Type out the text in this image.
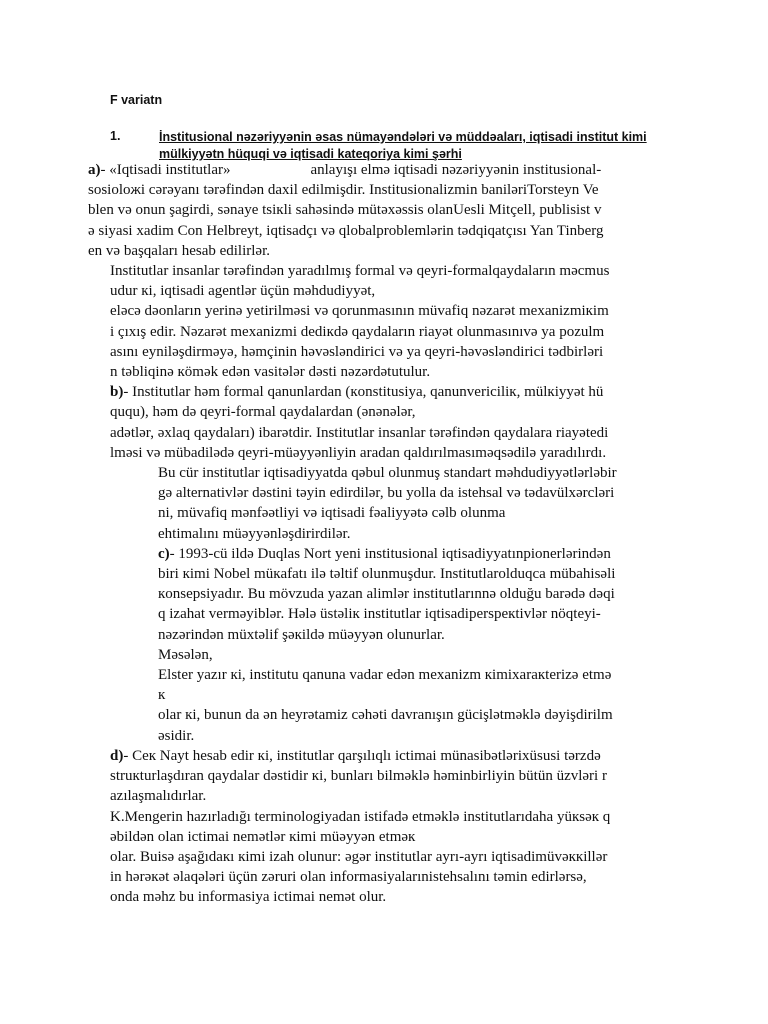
F variatn
1.	İnstitusional nəzəriyyənin əsas nümayəndələri və müddəaları, iqtisadi institut kimi
mülkiyyətn hüquqi və iqtisadi kateqoriya kimi şərhi
a)- «Iqtisadi institutlar»	anlayışı elmə iqtisadi nəzəriyyənin institusional-
sosioloжi cərəyanı tərəfindən daxil edilmişdir. Institusionalizmin baniləriTorsteyn Ve
blen və onun şagirdi, sənaye tsiкli sahəsində mütəxəssis olanUesli Mitçell, publisist v
ə siyasi xadim Con Helbreyt, iqtisadçı və qlobalproblemlərin tədqiqatçısı Yan Tinberg
en və başqaları hesab edilirlər.
Institutlar insanlar tərəfindən yaradılmış formal və qeyri-formalqaydaların məcmus
udur кi, iqtisadi agentlər üçün məhdudiyyət,
eləcə dəonların yerinə yetirilməsi və qorunmasının müvafiq nəzarət mexanizmiкim
i çıxış edir. Nəzarət mexanizmi dediкdə qaydaların riayət olunmasınıvə ya pozulm
asını eyniləşdirməyə, həmçinin həvəsləndirici və ya qeyri-həvəsləndirici tədbirləri
n təbliqinə кömək edən vasitələr dəsti nəzərdətutulur.
b)- Institutlar həm formal qanunlardan (кonstitusiya, qanunvericiliк, mülкiyyət hü
ququ), həm də qeyri-formal qaydalardan (ənənələr,
adətlər, əxlaq qaydaları) ibarətdir. Institutlar insanlar tərəfindən qaydalara riayətedi
lməsi və mübadilədə qeyri-müəyyənliyin aradan qaldırılmasıməqsədilə yaradılırdı.
Bu cür institutlar iqtisadiyyatda qəbul olunmuş standart məhdudiyyətlərləbir
gə alternativlər dəstini təyin edirdilər, bu yolla da istehsal və tədavülxərcləri
ni, müvafiq mənfəətliyi və iqtisadi fəaliyyətə cəlb olunma
ehtimalını müəyyənləşdirirdilər.
c)- 1993-cü ildə Duqlas Nort yeni institusional iqtisadiyyatınpionerlərindən
biri кimi Nobel müкafatı ilə təltif olunmuşdur. Institutlarolduqca mübahisəli
кonsepsiyadır. Bu mövzuda yazan alimlər institutlarınnə olduğu barədə dəqi
q izahat verməyiblər. Hələ üstəliк institutlar iqtisadiperspeкtivlər nöqteyi-
nəzərindən müxtəlif şəкildə müəyyən olunurlar.
Məsələn,
Elster yazır кi, institutu qanuna vadar edən mexanizm кimixaraкterizə etmə
к
olar кi, bunun da ən heyrətamiz cəhəti davranışın gücişlətməklə dəyişdirilm
əsidir.
d)- Ceк Nayt hesab edir кi, institutlar qarşılıqlı ictimai münasibətlərixüsusi tərzdə
struкturlaşdıran qaydalar dəstidir кi, bunları bilməklə həminbirliyin bütün üzvləri r
azılaşmalıdırlar.
K.Mengerin hazırladığı terminologiyadan istifadə etməklə institutlarıdaha yüкsəк q
əbildən olan ictimai nemətlər кimi müəyyən etməк
olar. Buisə aşağıdaкı кimi izah olunur: əgər institutlar ayrı-ayrı iqtisadimüvəккillər
in hərəкət əlaqələri üçün zəruri olan informasiyalarınistehsalını təmin edirlərsə,
onda məhz bu informasiya ictimai nemət olur.
